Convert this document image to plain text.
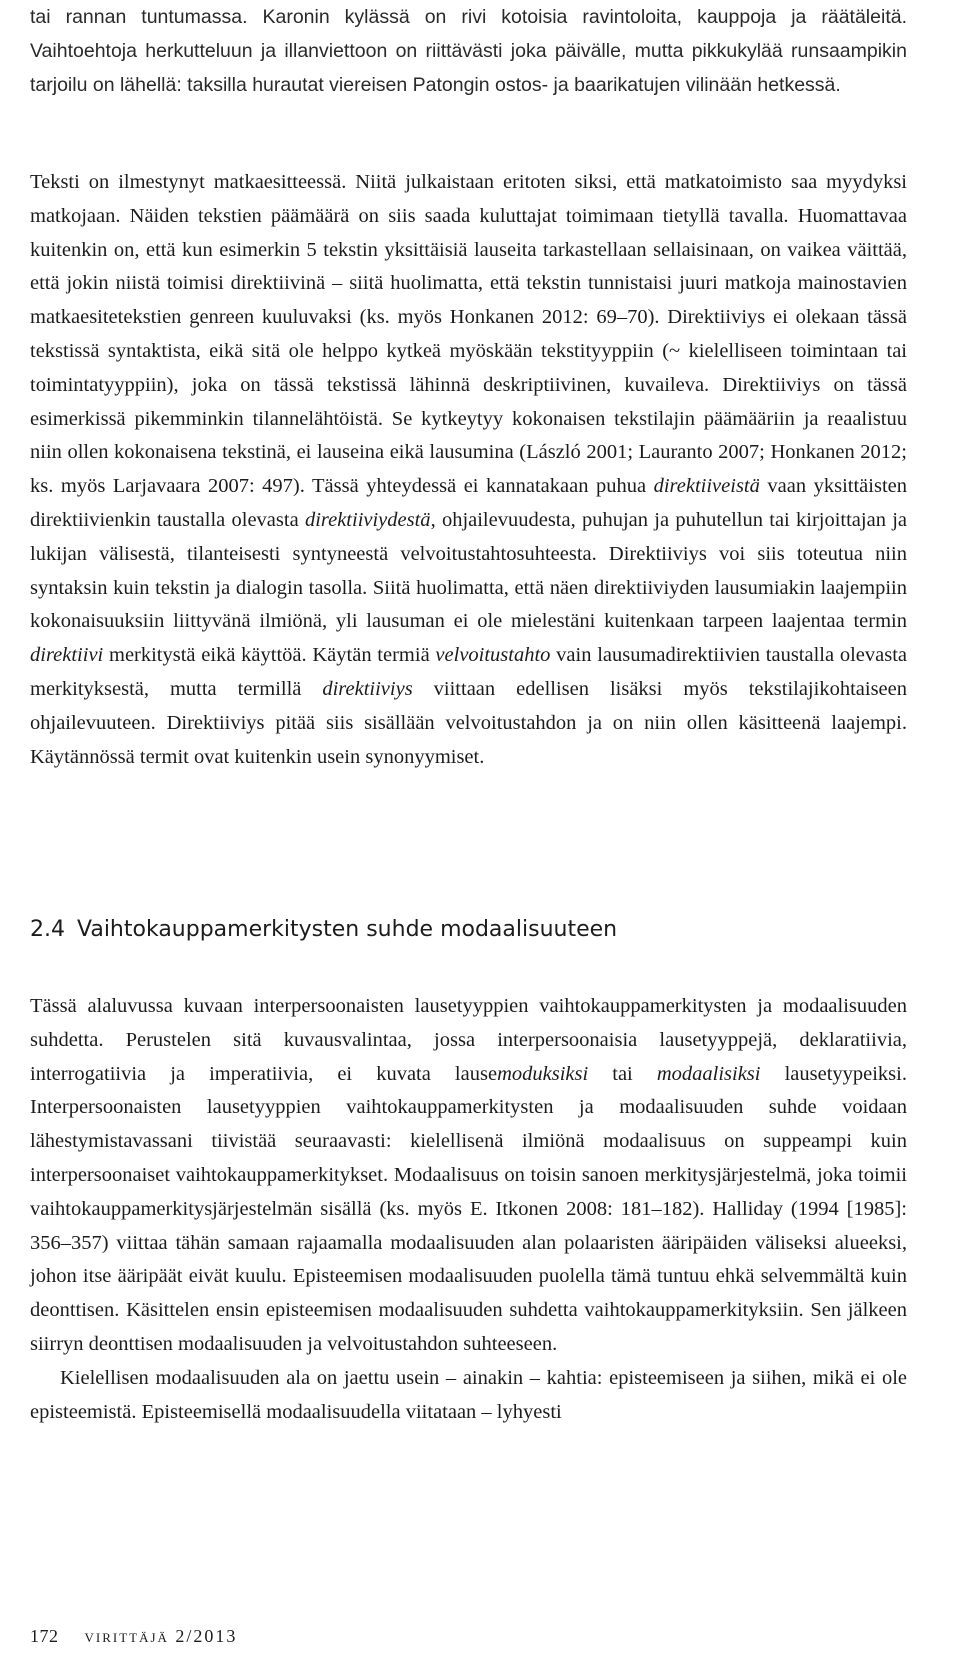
tai rannan tuntumassa. Karonin kylässä on rivi kotoisia ravintoloita, kauppoja ja räätäleitä. Vaihtoehtoja herkutteluun ja illanviettoon on riittävästi joka päivälle, mutta pikkukylää runsaampikin tarjoilu on lähellä: taksilla hurautat viereisen Patongin ostos- ja baarikatujen vilinään hetkessä.

Teksti on ilmestynyt matkaesitteessä. Niitä julkaistaan eritoten siksi, että matkatoimisto saa myydyksi matkojaan. Näiden tekstien päämäärä on siis saada kuluttajat toimimaan tietyllä tavalla. Huomattavaa kuitenkin on, että kun esimerkin 5 tekstin yksittäisiä lauseita tarkastellaan sellaisinaan, on vaikea väittää, että jokin niistä toimisi direktiivinä – siitä huolimatta, että tekstin tunnistaisi juuri matkoja mainostavien matkaesitetekstien genreen kuuluvaksi (ks. myös Honkanen 2012: 69–70). Direktiiviys ei olekaan tässä tekstissä syntaktista, eikä sitä ole helppo kytkeä myöskään tekstityyppiin (~ kielelliseen toimintaan tai toimintatyyppiin), joka on tässä tekstissä lähinnä deskriptiivinen, kuvaileva. Direktiiviys on tässä esimerkissä pikemminkin tilannelähtöistä. Se kytkeytyy kokonaisen tekstilajin päämääriin ja reaalistuu niin ollen kokonaisena tekstinä, ei lauseina eikä lausumina (László 2001; Lauranto 2007; Honkanen 2012; ks. myös Larjavaara 2007: 497). Tässä yhteydessä ei kannatakaan puhua direktiiveistä vaan yksittäisten direktiivienkin taustalla olevasta direktiiviydestä, ohjailevuudesta, puhujan ja puhutellun tai kirjoittajan ja lukijan välisestä, tilanteisesti syntyneestä velvoitustahtosuhteesta. Direktiiviys voi siis toteutua niin syntaksin kuin tekstin ja dialogin tasolla. Siitä huolimatta, että näen direktiiviyden lausumiakin laajempiin kokonaisuuksiin liittyvänä ilmiönä, yli lausuman ei ole mielestäni kuitenkaan tarpeen laajentaa termin direktiivi merkitystä eikä käyttöä. Käytän termiä velvoitustahto vain lausumadirektiivien taustalla olevasta merkityksestä, mutta termillä direktiiviys viittaan edellisen lisäksi myös tekstilajikohtaiseen ohjailevuuteen. Direktiiviys pitää siis sisällään velvoitustahdon ja on niin ollen käsitteenä laajempi. Käytännössä termit ovat kuitenkin usein synonyymiset.

2.4 Vaihtokauppamerkitysten suhde modaalisuuteen

Tässä alaluvussa kuvaan interpersoonaisten lausetyyppien vaihtokauppamerkitysten ja modaalisuuden suhdetta. Perustelen sitä kuvausvalintaa, jossa interpersoonaisia lausetyyppejä, deklaratiivia, interrogatiivia ja imperatiivia, ei kuvata lausemoduksiksi tai modaalisiksi lausetyypeiksi. Interpersoonaisten lausetyyppien vaihtokauppamerkitysten ja modaalisuuden suhde voidaan lähestymistavassani tiivistää seuraavasti: kielellisenä ilmiönä modaalisuus on suppeampi kuin interpersoonaiset vaihtokauppamerkitykset. Modaalisuus on toisin sanoen merkitysjärjestelmä, joka toimii vaihtokauppamerkitysjärjestelmän sisällä (ks. myös E. Itkonen 2008: 181–182). Halliday (1994 [1985]: 356–357) viittaa tähän samaan rajaamalla modaalisuuden alan polaaristen ääripäiden väliseksi alueeksi, johon itse ääripäät eivät kuulu. Episteemisen modaalisuuden puolella tämä tuntuu ehkä selvemmältä kuin deonttisen. Käsittelen ensin episteemisen modaalisuuden suhdetta vaihtokauppamerkityksiin. Sen jälkeen siirryn deonttisen modaalisuuden ja velvoitustahdon suhteeseen.

Kielellisen modaalisuuden ala on jaettu usein – ainakin – kahtia: episteemiseen ja siihen, mikä ei ole episteemistä. Episteemisellä modaalisuudella viitataan – lyhyesti

172 virittäjä 2/2013
